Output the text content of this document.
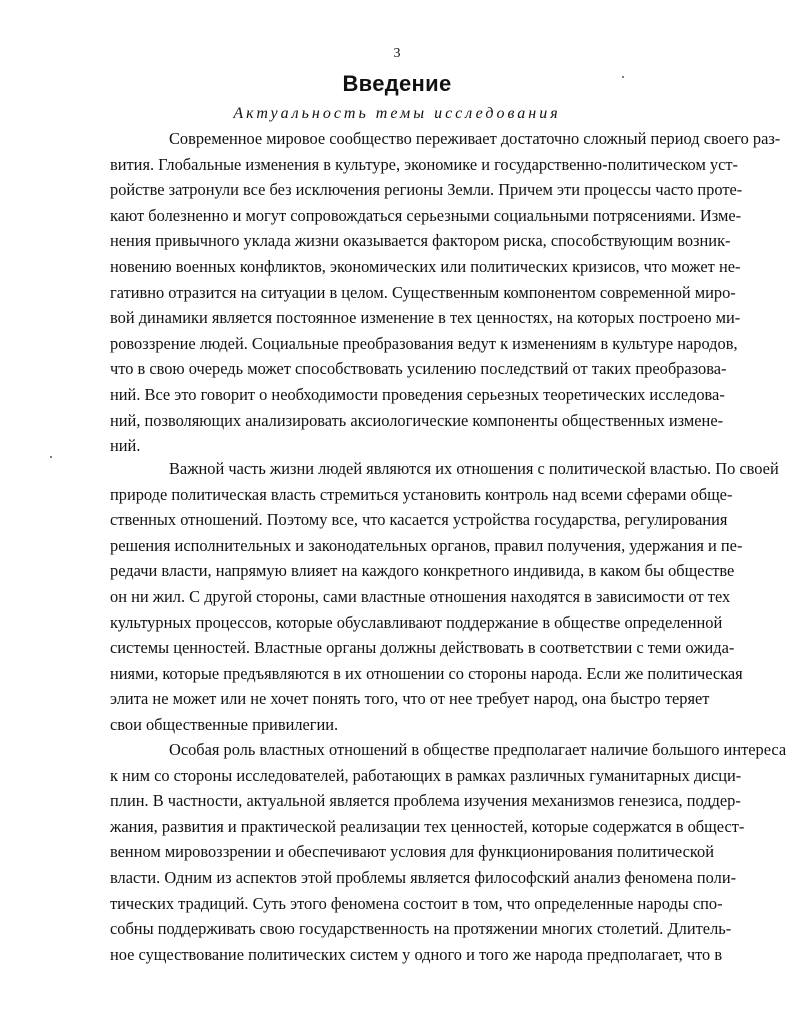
3
Введение
Актуальность темы исследования
Современное мировое сообщество переживает достаточно сложный период своего раз-
вития. Глобальные изменения в культуре, экономике и государственно-политическом уст-
ройстве затронули все без исключения регионы Земли. Причем эти процессы часто проте-
кают болезненно и могут сопровождаться серьезными социальными потрясениями. Изме-
нения привычного уклада жизни оказывается фактором риска, способствующим возник-
новению военных конфликтов, экономических или политических кризисов, что может не-
гативно отразится на ситуации в целом. Существенным компонентом современной миро-
вой динамики является постоянное изменение в тех ценностях, на которых построено ми-
ровоззрение людей. Социальные преобразования ведут к изменениям в культуре народов,
что в свою очередь может способствовать усилению последствий от таких преобразова-
ний. Все это говорит о необходимости проведения серьезных теоретических исследова-
ний, позволяющих анализировать аксиологические компоненты общественных измене-
ний.
Важной часть жизни людей являются их отношения с политической властью. По своей
природе политическая власть стремиться установить контроль над всеми сферами обще-
ственных отношений. Поэтому все, что касается устройства государства, регулирования
решения исполнительных и законодательных органов, правил получения, удержания и пе-
редачи власти, напрямую влияет на каждого конкретного индивида, в каком бы обществе
он ни жил. С другой стороны, сами властные отношения находятся в зависимости от тех
культурных процессов, которые обуславливают поддержание в обществе определенной
системы ценностей. Властные органы должны действовать в соответствии с теми ожида-
ниями, которые предъявляются в их отношении со стороны народа. Если же политическая
элита не может или не хочет понять того, что от нее требует народ, она быстро теряет
свои общественные привилегии.
Особая роль властных отношений в обществе предполагает наличие большого интереса
к ним со стороны исследователей, работающих в рамках различных гуманитарных дисци-
плин. В частности, актуальной является проблема изучения механизмов генезиса, поддер-
жания, развития и практической реализации тех ценностей, которые содержатся в общест-
венном мировоззрении и обеспечивают условия для функционирования политической
власти. Одним из аспектов этой проблемы является философский анализ феномена поли-
тических традиций. Суть этого феномена состоит в том, что определенные народы спо-
собны поддерживать свою государственность на протяжении многих столетий. Длитель-
ное существование политических систем у одного и того же народа предполагает, что в
